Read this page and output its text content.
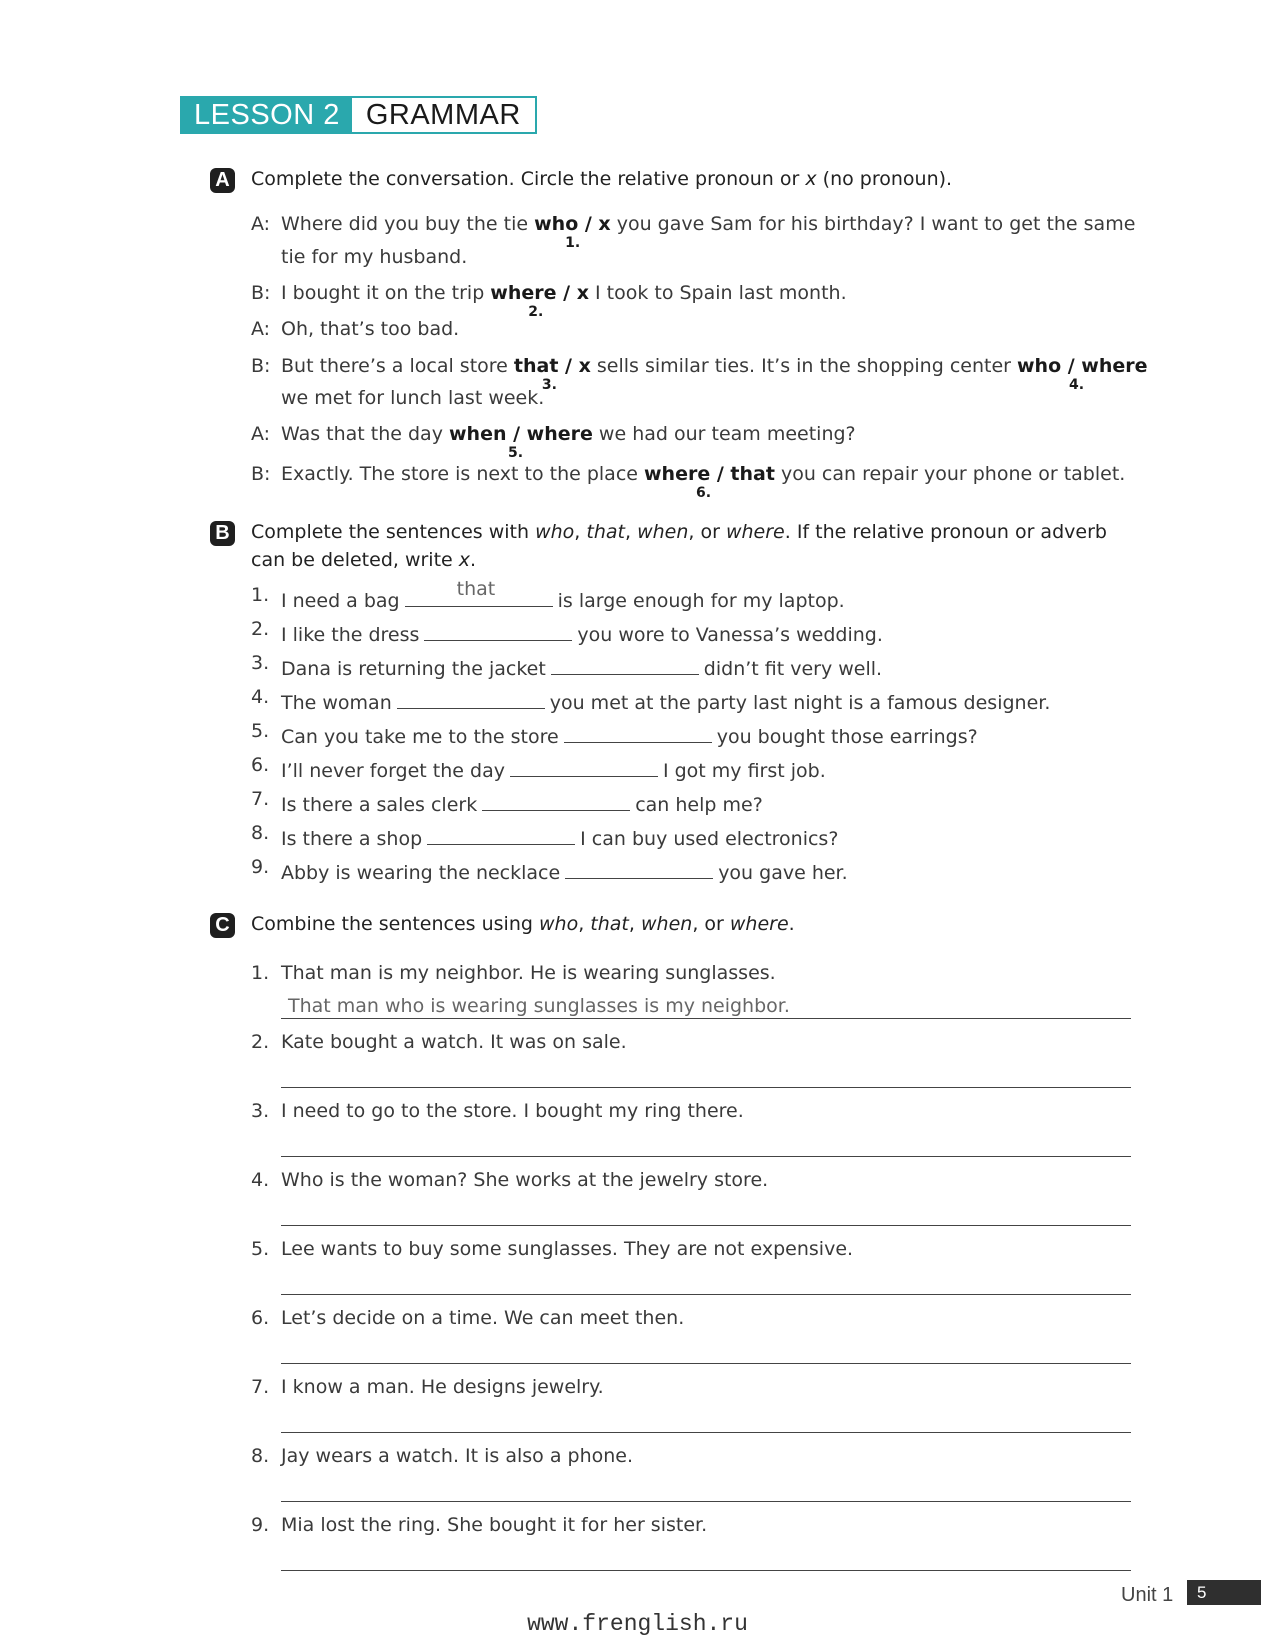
LESSON 2 GRAMMAR
A Complete the conversation. Circle the relative pronoun or x (no pronoun).
A: Where did you buy the tie who / x
1.
you gave Sam for his birthday? I want to get the same
tie for my husband.
B: I bought it on the trip where / x
2.
I took to Spain last month.
A: Oh, that’s too bad.
B: But there’s a local store that / x
3.
sells similar ties. It’s in the shopping center who / where
4.
we met for lunch last week.
A: Was that the day when / where
5.
we had our team meeting?
B: Exactly. The store is next to the place where / that
6.
you can repair your phone or tablet.
B Complete the sentences with who, that, when, or where. If the relative pronoun or adverb
can be deleted, write x.
1. I need a bag
that
is large enough for my laptop.
2. I like the dress	you wore to Vanessa’s wedding.
3. Dana is returning the jacket	didn’t fit very well.
4. The woman	you met at the party last night is a famous designer.
5. Can you take me to the store	you bought those earrings?
6. I’ll never forget the day	I got my first job.
7. Is there a sales clerk	can help me?
8. Is there a shop	I can buy used electronics?
9. Abby is wearing the necklace	you gave her.
C Combine the sentences using who, that, when, or where.
1. That man is my neighbor. He is wearing sunglasses.
That man who is wearing sunglasses is my neighbor.
2. Kate bought a watch. It was on sale.
3. I need to go to the store. I bought my ring there.
4. Who is the woman? She works at the jewelry store.
5. Lee wants to buy some sunglasses. They are not expensive.
6. Let’s decide on a time. We can meet then.
7. I know a man. He designs jewelry.
8. Jay wears a watch. It is also a phone.
9. Mia lost the ring. She bought it for her sister.
Unit 1	5
www.frenglish.ru
